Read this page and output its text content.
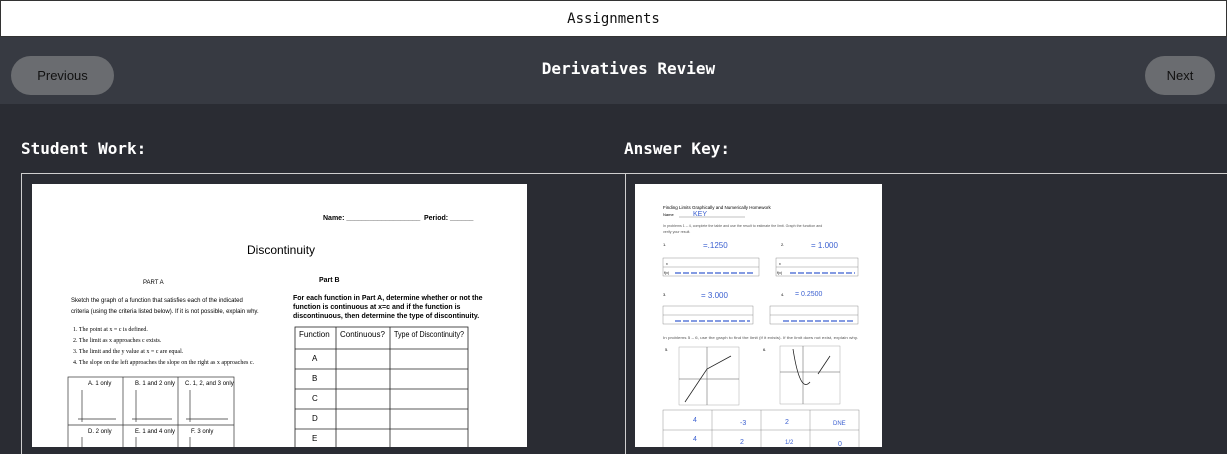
Assignments
Previous	Derivatives Review	Next
Student Work:	Answer Key:
Name: ___________________ Period: ______
Discontinuity
PART A
Sketch the graph of a function that satisfies each of the indicated
criteria (using the criteria listed below). If it is not possible, explain why.
1. The point at x = c is defined.
2. The limit as x approaches c exists.
3. The limit and the y value at x = c are equal.
4. The slope on the left approaches the slope on the right as x approaches c.
A. 1 only	B. 1 and 2 only C. 1, 2, and 3 only
D. 2 only	E. 1 and 4 only	F. 3 only
Part B
For each function in Part A, determine whether or not the
function is continuous at x=c and if the function is
discontinuous, then determine the type of discontinuity.
Function Continuous? Type of Discontinuity?
A
B
C
D
E
Finding Limits Graphically and Numerically Homework
Name	KEY
In problems 1 – 4, complete the table and use the result to estimate the limit. Graph the function and
verify your result.
1.	=.1250	2.	= 1.000
x
f(x)
x
f(x)
3.	= 3.000	4. = 0.2500
In problems 5 – 6, use the graph to find the limit (if it exists). If the limit does not exist, explain why.
5.	6.
4	-3	2	DNE
4	2	1/2	0
